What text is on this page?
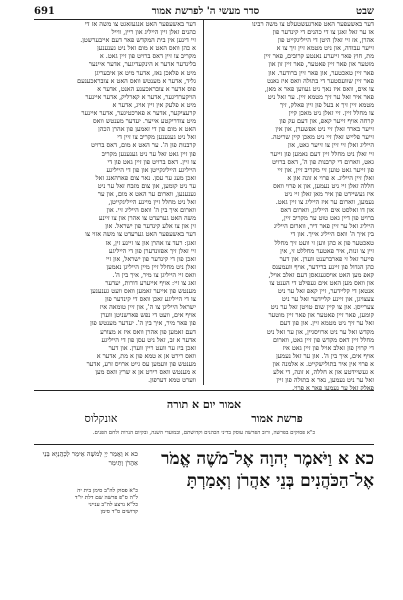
שבט
סדר מעשי ה' לפרשת אמור
691
דער באשעפער האט פארגעשטעלט צו משה רבינו
אז ער זאל זאגן צו די כהנים די קינדער פון
אהרן, אז זיי זאלן היטן די הייליגקייט פון
זייער עבודה, און ניט מטמא זיין זיך צו א
מת, חוץ פאר זייערע נאנטע קרובים, פאר זיין
מוטער און פאר זיין פאטער, פאר זיין זון און
פאר זיין טאכטער, און פאר זיין ברודער. און
פאר זיין שוועסטער די בתולה וואס איז נאנט
צו אים, וואס איז נאך ניט געווען פאר א מאן,
פאר איר זאל ער זיך מטמא זיין. ער זאל ניט
מטמא זיין זיך א בעל פון זיין פאלק, זיך
צו מחלל זיין. זיי זאלן ניט מאכן קיין
קרחה אויף זייער קאפ, און דעם עק פון
זייער בארד זאלן זיי ניט אפשערן, און אין
זייער פלייש זאלן זיי ניט מאכן קיין שריטה.
הייליג זאלן זיי זיין צו זייער גאט, און
זיי זאלן ניט מחלל זיין דעם נאמען פון זייער
גאט, ווארום די קרבנות פון ה', דאס ברויט
פון זייער גאט טוען זיי מקריב זיין, און זיי
זאלן זיין הייליג. א פרוי א זונה און א
חללה זאלן זיי ניט נעמען, און א פרוי וואס
איז געשיידט פון איר מאן זאלן זיי ניט
נעמען, ווארום ער איז הייליג צו זיין גאט.
און דו זאלסט אים הייליגן, ווארום דאס
ברויט פון דיין גאט טוט ער מקריב זיין,
הייליג זאל ער זיין פאר דיר, ווארום הייליג
בין איך ה' וואס הייליג אייך. און די
טאכטער פון א כהן ווען זי וועט זיך מחלל
זיין צו זנות, איר פאטער מחללט זי, אין
פייער זאל זי פארברענט ווערן. און דער
כהן הגדול פון זיינע ברידער, אויף וועמענס
קאפ מען האט אויסגעגאסן דעם זאלב אויל,
און וואס מען האט אים געפילט די הענט צו
אנטאן די קליידער, זיין קאפ זאל ער ניט
צעצויגן, און זיינע קליידער זאל ער ניט
צערייסן. און צו קיין שום טויטן זאל ער ניט
קומען, פאר זיין פאטער און פאר זיין מוטער
זאל ער זיך ניט מטמא זיין. און פון דעם
מקדש זאל ער ניט ארויסגיין, און ער זאל ניט
מחלל זיין דאס מקדש פון זיין גאט, ווארום
די קרוין פון זאלב אויל פון זיין גאט איז
אויף אים, איך בין ה'. און ער זאל נעמען
א פרוי אין איר בתולישקייט. א אלמנה און
א געשיידטע און א חללה, א זונה, די אלע
זאל ער ניט נעמען, נאר א בתולה פון זיין
פאלק זאל ער נעמען פאר א פרוי.
דער באשעפער האט אנגעזאגט צו משה אז די
כהנים זאלן זיין הייליג און ריין, ווייל
זיי דינען אין בית המקדש פאר דעם אייבערשטן.
א כהן וואס האט א מום זאל ניט גענענען
מקריב צו זיין דאס ברויט פון זיין גאט. א
בלינדער אדער א הינקעדיגער, אדער איינער
מיט א פלאכן נאז, אדער מיט אן איבעריגן
גליד, אדער א מענטש וואס האט א צובראכענעם
פוס אדער א צובראכענע האנט, אדער א
הויקערדיגער, אדער א קארליק, אדער איינער
מיט א פלעק אין זיין אויג, אדער א
קרעציקער, אדער א פארכטיגער, אדער איינער
מיט צודריקטע אייער. יעדער מענטש וואס
האט א מום פון די זאמען פון אהרן הכהן
זאל ניט גענענען מקריב צו זיין די
קרבנות פון ה'. ער האט א מום, דאס ברויט
פון זיין גאט זאל ער ניט גענענען מקריב
צו זיין. דאס ברויט פון זיין גאט פון די
הייליגע הייליגקייטן און פון די הייליגע
זאכן מעג ער עסן. נאר צום פארהאנג זאל
ער ניט קומען, און צום מזבח זאל ער ניט
גענענען, ווארום ער האט א מום, און ער
זאל ניט מחלל זיין מיינע הייליגקייטן,
ווארום איך בין ה' וואס הייליג זיי. און
משה האט גערעדט צו אהרן און צו זיינע
זין און צו אלע קינדער פון ישראל. און
דער באשעפער האט גערעדט צו משה אזוי צו
זאגן: רעד צו אהרן און צו זיינע זין, אז
זיי זאלן זיך אפזונדערן פון די הייליגע
זאכן פון די קינדער פון ישראל, און זיי
זאלן ניט מחלל זיין מיין הייליגן נאמען
וואס זיי הייליגן צו מיר, איך בין ה'.
זאג צו זיי: אויף אייערע דורות, יעדער
מענטש פון אייער זאמען וואס וועט גענענען
צו די הייליגע זאכן וואס די קינדער פון
ישראל הייליגן צו ה', און זיין טומאה איז
אויף אים, וועט די נפש פארשניטן ווערן
פון פאר מיר, איך בין ה'. יעדער מענטש פון
דעם זאמען פון אהרן וואס איז א מצורע
אדער א זב, זאל ניט עסן פון די הייליגע
זאכן ביז ער וועט ריין ווערן. און דער
וואס רירט אן א טמא פון א מת, אדער א
מענטש פון וועמען עס גייט ארויס זרע, אדער
א מענטש וואס רירט אן א שרץ וואס מען
ווערט טמא דערפון.
אמור יום א תורה
אונקלוס	פרשת אמור
כ"א פסוקים בפרשה, ורוב הפרשה עוסק בדיני הכהנים וקדושתם, ובמועדי השנה, ובקיום הנרות ולחם הפנים.
כא א וַיֹּאמֶר יְהוָה אֶל־מֹשֶׁה אֱמֹר
אֶל־הַכֹּהֲנִים בְּנֵי אַהֲרֹן וְאָמַרְתָּ
כא א וַאֲמַר יְיָ לְמשֶׁה אֵימַר לְכָהֲנַיָּא בְּנֵי אַהֲרֹן וְתֵימַר
כ"א פסוק לה"ב סימן בית יה
ל"ה ס"פ פרשה שם דלת יו"ד
כל"א נרצע לה"ב ענייני
קדושים ס"ד סימן
